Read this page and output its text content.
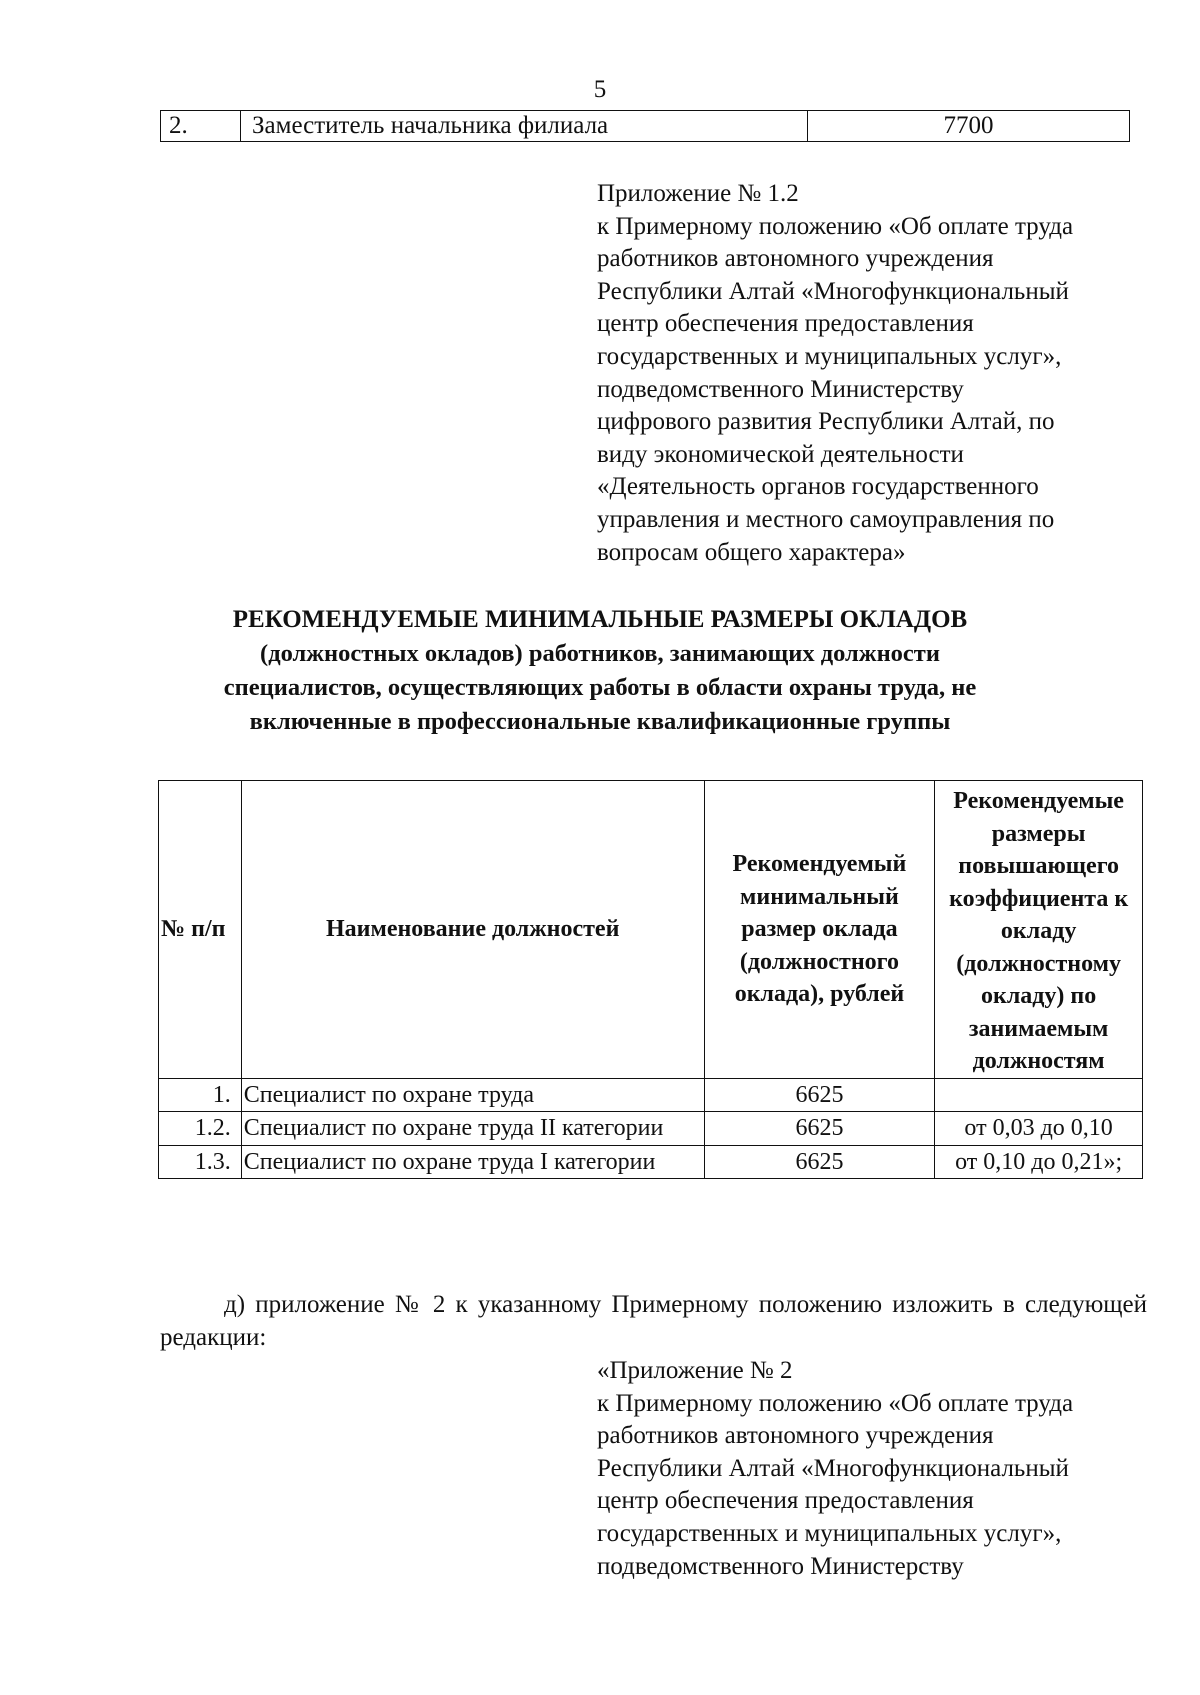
5
2.	Заместитель начальника филиала	7700

Приложение № 1.2

к Примерному положению «Об оплате труда

работников автономного учреждения

Республики Алтай «Многофункциональный

центр обеспечения предоставления

государственных и муниципальных услуг»,

подведомственного Министерству

цифрового развития Республики Алтай, по

виду экономической деятельности

«Деятельность органов государственного

управления и местного самоуправления по

вопросам общего характера»

РЕКОМЕНДУЕМЫЕ МИНИМАЛЬНЫЕ РАЗМЕРЫ ОКЛАДОВ
(должностных окладов) работников, занимающих должности
специалистов, осуществляющих работы в области охраны труда, не
включенные в профессиональные квалификационные группы
№ п/п	Наименование должностей	Рекомендуемый минимальный размер оклада (должностного оклада), рублей	Рекомендуемые размеры повышающего коэффициента к окладу (должностному окладу) по занимаемым должностям
1.	Специалист по охране труда	6625	
1.2.	Специалист по охране труда II категории	6625	от 0,03 до 0,10
1.3.	Специалист по охране труда I категории	6625	от 0,10 до 0,21»;

д) приложение № 2 к указанному Примерному положению изложить в следующей редакции:

«Приложение № 2

к Примерному положению «Об оплате труда

работников автономного учреждения

Республики Алтай «Многофункциональный

центр обеспечения предоставления

государственных и муниципальных услуг»,

подведомственного Министерству
